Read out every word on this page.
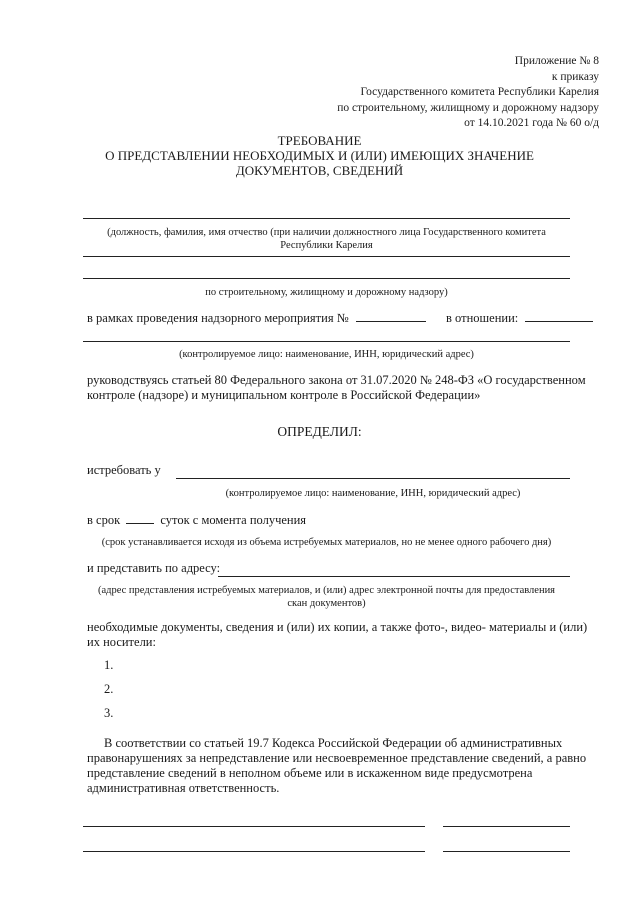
Приложение № 8
к приказу
Государственного комитета Республики Карелия
по строительному, жилищному и дорожному надзору
от 14.10.2021 года № 60 о/д
ТРЕБОВАНИЕ
О ПРЕДСТАВЛЕНИИ НЕОБХОДИМЫХ И (ИЛИ) ИМЕЮЩИХ ЗНАЧЕНИЕ
ДОКУМЕНТОВ, СВЕДЕНИЙ
(должность, фамилия, имя отчество (при наличии должностного лица Государственного комитета
Республики Карелия
по строительному, жилищному и дорожному надзору)
в рамках проведения надзорного мероприятия №	в отношении:
(контролируемое лицо: наименование, ИНН, юридический адрес)
руководствуясь статьей 80 Федерального закона от 31.07.2020 № 248-ФЗ «О государственном
контроле (надзоре) и муниципальном контроле в Российской Федерации»
ОПРЕДЕЛИЛ:
истребовать у
(контролируемое лицо: наименование, ИНН, юридический адрес)
в срок	суток с момента получения
(срок устанавливается исходя из объема истребуемых материалов, но не менее одного рабочего дня)
и представить по адресу:
(адрес представления истребуемых материалов, и (или) адрес электронной почты для предоставления
скан документов)
необходимые документы, сведения и (или) их копии, а также фото-, видео- материалы и (или)
их носители:
1.
2.
3.
В соответствии со статьей 19.7 Кодекса Российской Федерации об административных
правонарушениях за непредставление или несвоевременное представление сведений, а равно
представление сведений в неполном объеме или в искаженном виде предусмотрена
административная ответственность.
